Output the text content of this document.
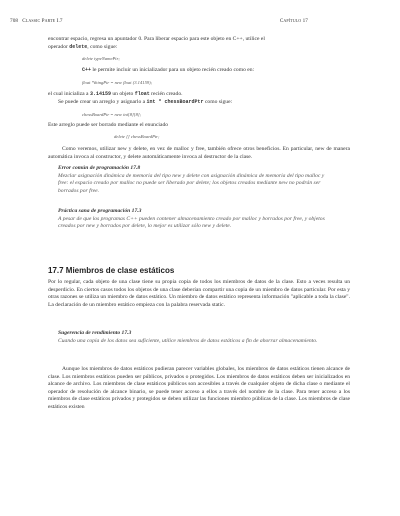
708 Classic Parte I.7	Capítulo 17
encontrar espacio, regresa un apuntador 0. Para liberar espacio para este objeto en C++, utilice el
operador delete, como sigue:
delete typeNamePtr;
C++ le permite incluir un inicializador para un objeto recién creado como en:
float *thingPtr = new float (3.14159);
el cual inicializa a 3.14159 un objeto float recién creado.
Se puede crear un arreglo y asignarlo a int * chessBoardPtr como sigue:
chessBoardPtr = new int[8][8];
Este arreglo puede ser borrado mediante el enunciado
delete [] chessBoardPtr;
Como veremos, utilizar new y delete, en vez de malloc y free, también ofrece otros beneficios. En particular, new de manera automática invoca al constructor, y delete automáticamente invoca al destructor de la clase.
Error común de programación 17.8
Mezclar asignación dinámica de memoria del tipo new y delete con asignación dinámica de memoria del tipo malloc y free: el espacio creado por malloc no puede ser liberado por delete; los objetos creados mediante new no podrán ser borrados por free.
Práctica sana de programación 17.3
A pesar de que los programas C++ pueden contener almacenamiento creado por malloc y borrados por free, y objetos creados por new y borrados por delete, lo mejor es utilizar sólo new y delete.
17.7 Miembros de clase estáticos
Por lo regular, cada objeto de una clase tiene su propia copia de todos los miembros de datos de la clase. Esto a veces resulta un desperdicio. En ciertos casos todos los objetos de una clase deberían compartir una copia de un miembro de datos particular. Por esta y otras razones se utiliza un miembro de datos estático. Un miembro de datos estático representa información "aplicable a toda la clase". La declaración de un miembro estático empieza con la palabra reservada static.
Sugerencia de rendimiento 17.3
Cuando una copia de los datos sea suficiente, utilice miembros de datos estáticos a fin de ahorrar almacenamiento.
Aunque los miembros de datos estáticos pudieran parecer variables globales, los miembros de datos estáticos tienen alcance de clase. Los miembros estáticos pueden ser públicos, privados o protegidos. Los miembros de datos estáticos deben ser inicializados en alcance de archivo. Los miembros de clase estáticos públicos son accesibles a través de cualquier objeto de dicha clase o mediante el operador de resolución de alcance binario, se puede tener acceso a ellos a través del nombre de la clase. Para tener acceso a los miembros de clase estáticos privados y protegidos se deben utilizar las funciones miembro públicas de la clase. Los miembros de clase estáticos existen
